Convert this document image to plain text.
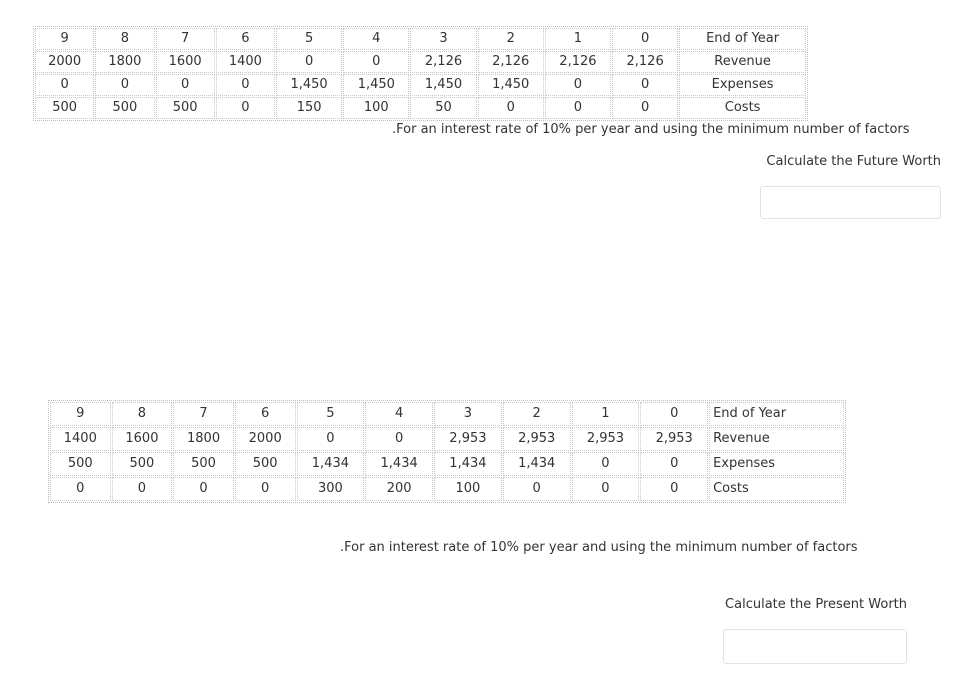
9	8	7	6	5	4	3	2	1	0	End of Year
2000	1800	1600	1400	0	0	2,126	2,126	2,126	2,126	Revenue
0	0	0	0	1,450	1,450	1,450	1,450	0	0	Expenses
500	500	500	0	150	100	50	0	0	0	Costs
.For an interest rate of 10% per year and using the minimum number of factors
Calculate the Future Worth
9	8	7	6	5	4	3	2	1	0	End of Year
1400	1600	1800	2000	0	0	2,953	2,953	2,953	2,953	Revenue
500	500	500	500	1,434	1,434	1,434	1,434	0	0	Expenses
0	0	0	0	300	200	100	0	0	0	Costs
.For an interest rate of 10% per year and using the minimum number of factors
Calculate the Present Worth
